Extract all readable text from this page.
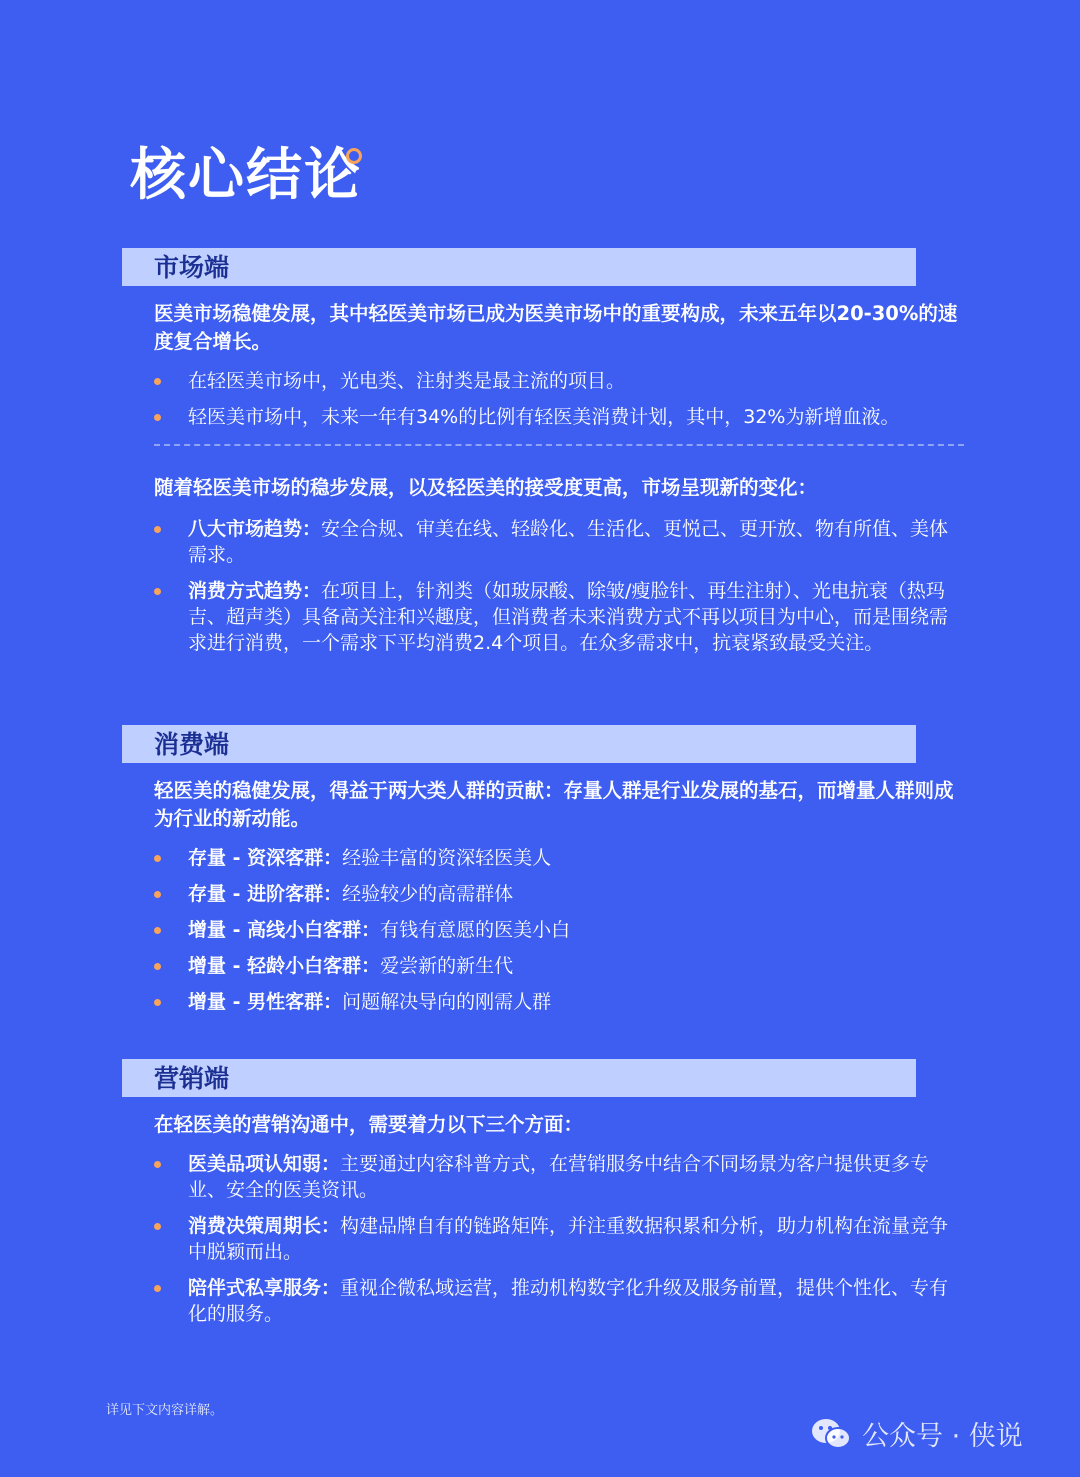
核心结论
市场端
医美市场稳健发展，其中轻医美市场已成为医美市场中的重要构成，未来五年以20-30%的速度复合增长。
在轻医美市场中，光电类、注射类是最主流的项目。
轻医美市场中，未来一年有34%的比例有轻医美消费计划，其中，32%为新增血液。
随着轻医美市场的稳步发展，以及轻医美的接受度更高，市场呈现新的变化：
八大市场趋势：安全合规、审美在线、轻龄化、生活化、更悦己、更开放、物有所值、美体需求。
消费方式趋势：在项目上，针剂类（如玻尿酸、除皱/瘦脸针、再生注射）、光电抗衰（热玛吉、超声类）具备高关注和兴趣度，但消费者未来消费方式不再以项目为中心，而是围绕需求进行消费，一个需求下平均消费2.4个项目。在众多需求中，抗衰紧致最受关注。
消费端
轻医美的稳健发展，得益于两大类人群的贡献：存量人群是行业发展的基石，而增量人群则成为行业的新动能。
存量 - 资深客群：经验丰富的资深轻医美人
存量 - 进阶客群：经验较少的高需群体
增量 - 高线小白客群：有钱有意愿的医美小白
增量 - 轻龄小白客群：爱尝新的新生代
增量 - 男性客群：问题解决导向的刚需人群
营销端
在轻医美的营销沟通中，需要着力以下三个方面：
医美品项认知弱：主要通过内容科普方式，在营销服务中结合不同场景为客户提供更多专业、安全的医美资讯。
消费决策周期长：构建品牌自有的链路矩阵，并注重数据积累和分析，助力机构在流量竞争中脱颖而出。
陪伴式私享服务：重视企微私域运营，推动机构数字化升级及服务前置，提供个性化、专有化的服务。
详见下文内容详解。
公众号 · 侠说
